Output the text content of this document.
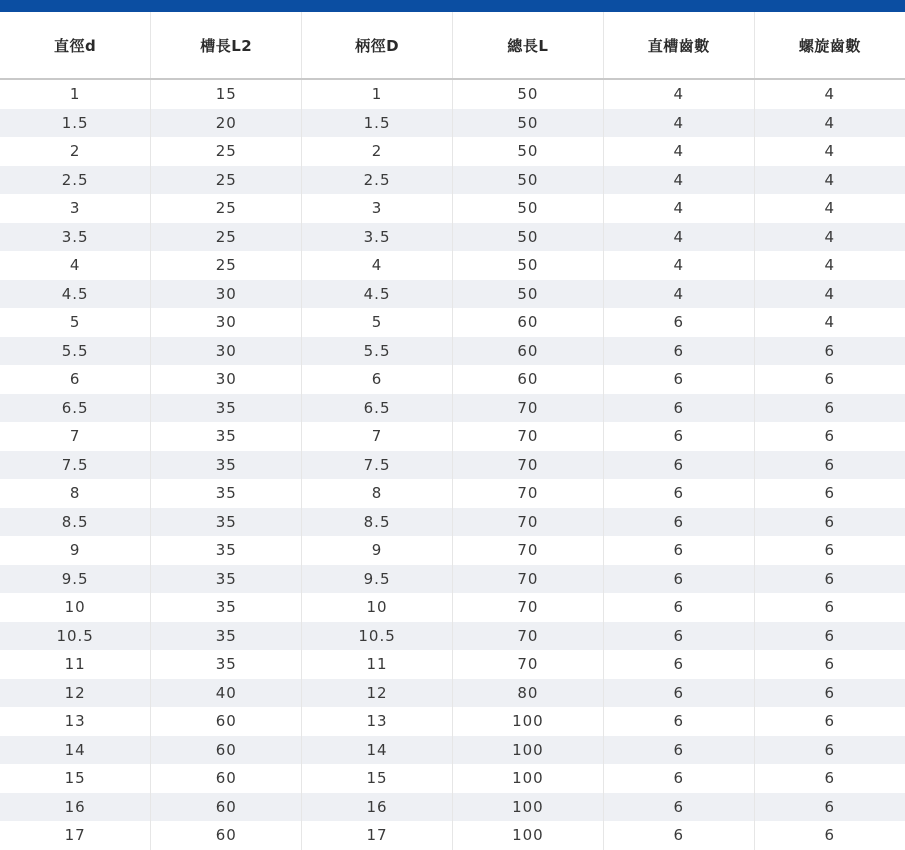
直徑d	槽長L2	柄徑D	總長L	直槽齒數	螺旋齒數
1	15	1	50	4	4
1.5	20	1.5	50	4	4
2	25	2	50	4	4
2.5	25	2.5	50	4	4
3	25	3	50	4	4
3.5	25	3.5	50	4	4
4	25	4	50	4	4
4.5	30	4.5	50	4	4
5	30	5	60	6	4
5.5	30	5.5	60	6	6
6	30	6	60	6	6
6.5	35	6.5	70	6	6
7	35	7	70	6	6
7.5	35	7.5	70	6	6
8	35	8	70	6	6
8.5	35	8.5	70	6	6
9	35	9	70	6	6
9.5	35	9.5	70	6	6
10	35	10	70	6	6
10.5	35	10.5	70	6	6
11	35	11	70	6	6
12	40	12	80	6	6
13	60	13	100	6	6
14	60	14	100	6	6
15	60	15	100	6	6
16	60	16	100	6	6
17	60	17	100	6	6
